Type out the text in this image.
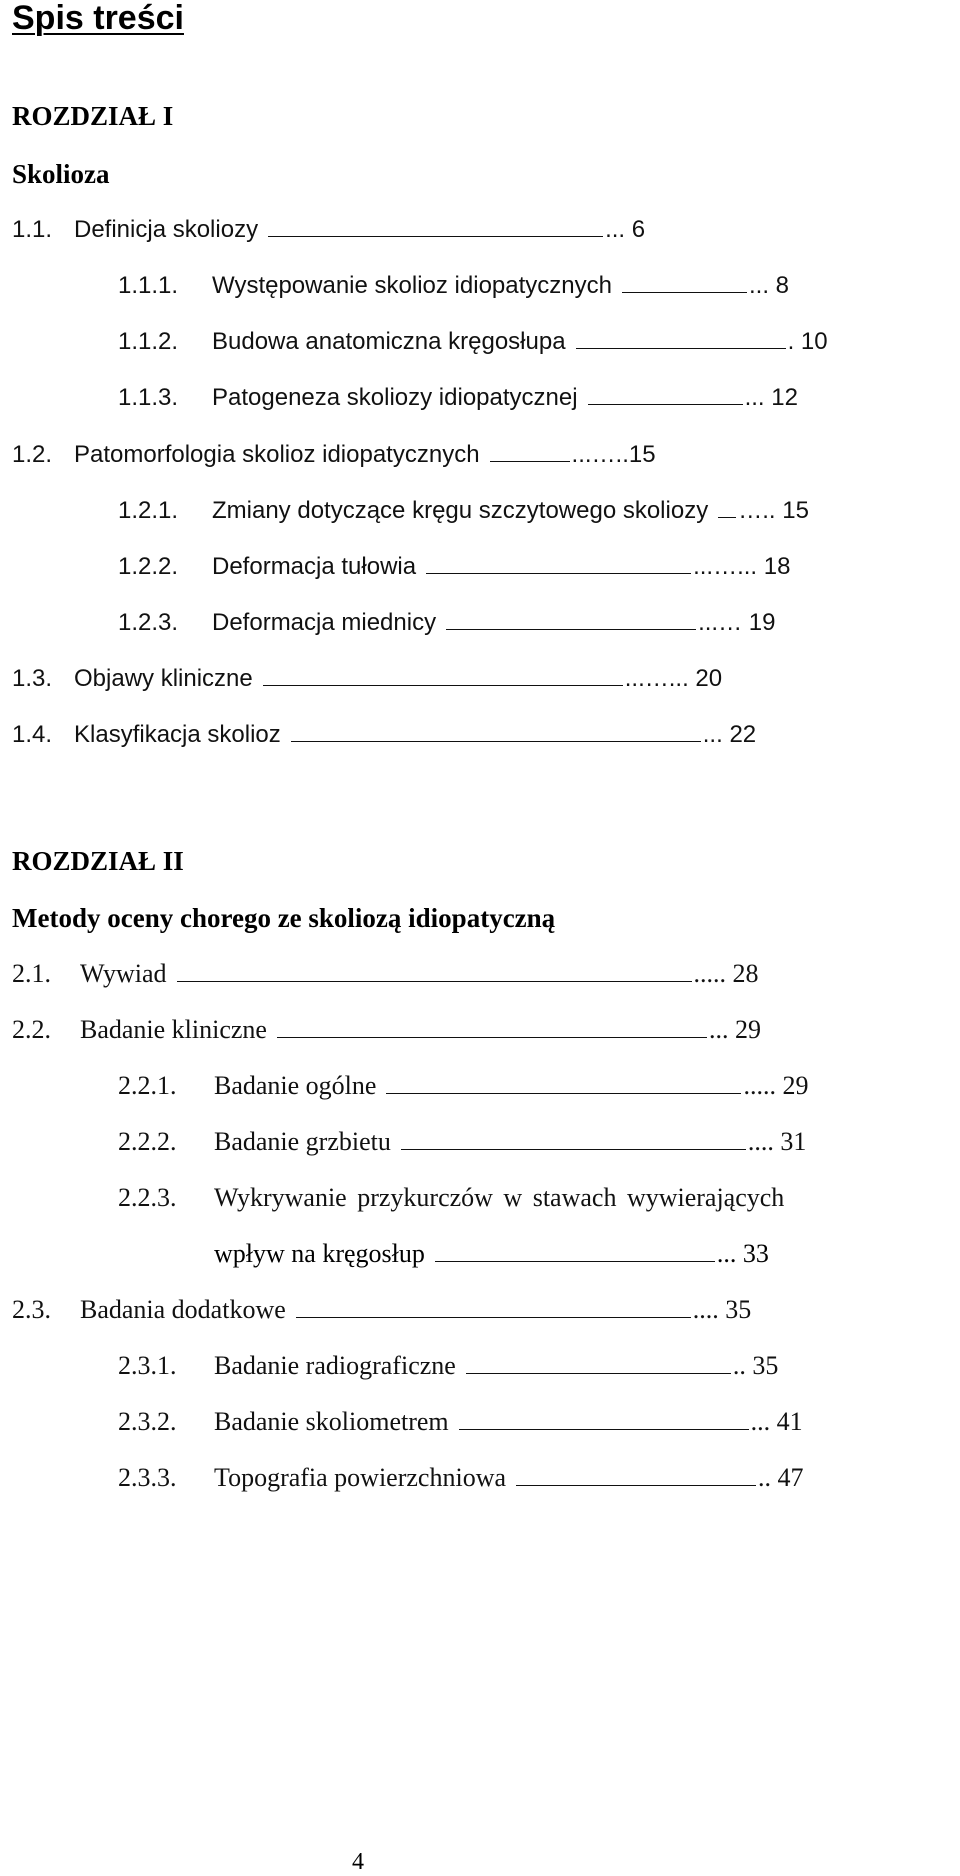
Spis treści
ROZDZIAŁ I
Skolioza
1.1. Definicja skoliozy	... 6
1.1.1. Występowanie skolioz idiopatycznych	... 8
1.1.2. Budowa anatomiczna kręgosłupa	. 10
1.1.3. Patogeneza skoliozy idiopatycznej	... 12
1.2. Patomorfologia skolioz idiopatycznych	...…..15
1.2.1. Zmiany dotyczące kręgu szczytowego skoliozy ….. 15
1.2.2. Deformacja tułowia	...…... 18
1.2.3. Deformacja miednicy	...… 19
1.3. Objawy kliniczne	...…... 20
1.4. Klasyfikacja skolioz	... 22
ROZDZIAŁ II
Metody oceny chorego ze skoliozą idiopatyczną
2.1. Wywiad	..... 28
2.2. Badanie kliniczne	... 29
2.2.1. Badanie ogólne	..... 29
2.2.2. Badanie grzbietu	.... 31
2.2.3. Wykrywanie przykurczów w stawach wywierających
wpływ na kręgosłup	... 33
2.3. Badania dodatkowe	.... 35
2.3.1. Badanie radiograficzne	.. 35
2.3.2. Badanie skoliometrem	... 41
2.3.3. Topografia powierzchniowa	.. 47
4
